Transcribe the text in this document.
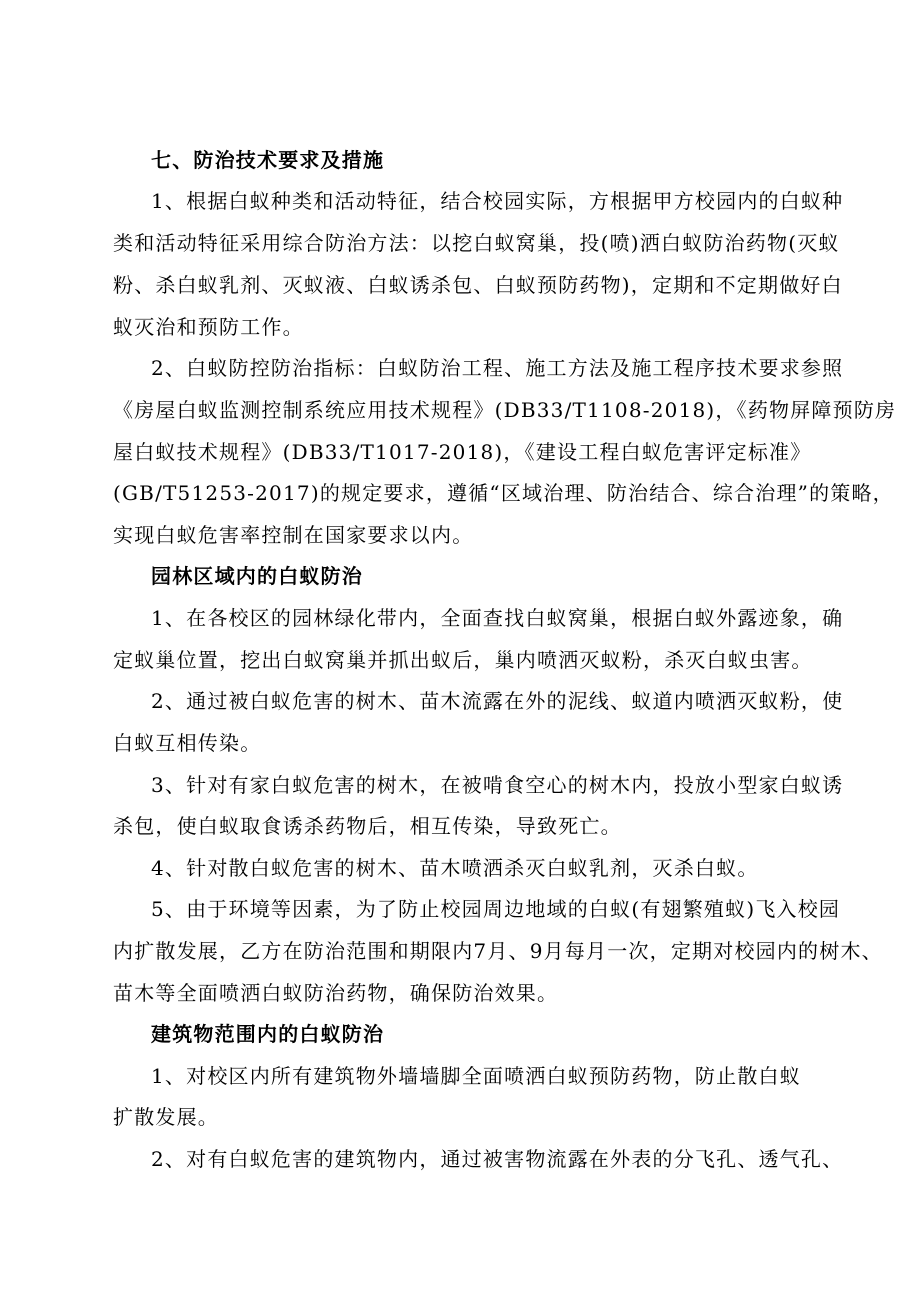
七、防治技术要求及措施
1、根据白蚁种类和活动特征，结合校园实际，方根据甲方校园内的白蚁种
类和活动特征采用综合防治方法：以挖白蚁窝巢，投(喷)洒白蚁防治药物(灭蚁
粉、杀白蚁乳剂、灭蚁液、白蚁诱杀包、白蚁预防药物)，定期和不定期做好白
蚁灭治和预防工作。
2、白蚁防控防治指标：白蚁防治工程、施工方法及施工程序技术要求参照
《房屋白蚁监测控制系统应用技术规程》(DB33/T1108-2018)，《药物屏障预防房
屋白蚁技术规程》(DB33/T1017-2018)，《建设工程白蚁危害评定标准》
(GB/T51253-2017)的规定要求，遵循“区域治理、防治结合、综合治理”的策略，
实现白蚁危害率控制在国家要求以内。
园林区域内的白蚁防治
1、在各校区的园林绿化带内，全面查找白蚁窝巢，根据白蚁外露迹象，确
定蚁巢位置，挖出白蚁窝巢并抓出蚁后，巢内喷洒灭蚁粉，杀灭白蚁虫害。
2、通过被白蚁危害的树木、苗木流露在外的泥线、蚁道内喷洒灭蚁粉，使
白蚁互相传染。
3、针对有家白蚁危害的树木，在被啃食空心的树木内，投放小型家白蚁诱
杀包，使白蚁取食诱杀药物后，相互传染，导致死亡。
4、针对散白蚁危害的树木、苗木喷洒杀灭白蚁乳剂，灭杀白蚁。
5、由于环境等因素，为了防止校园周边地域的白蚁(有翅繁殖蚁)飞入校园
内扩散发展，乙方在防治范围和期限内7月、9月每月一次，定期对校园内的树木、
苗木等全面喷洒白蚁防治药物，确保防治效果。
建筑物范围内的白蚁防治
1、对校区内所有建筑物外墙墙脚全面喷洒白蚁预防药物，防止散白蚁
扩散发展。
2、对有白蚁危害的建筑物内，通过被害物流露在外表的分飞孔、透气孔、
